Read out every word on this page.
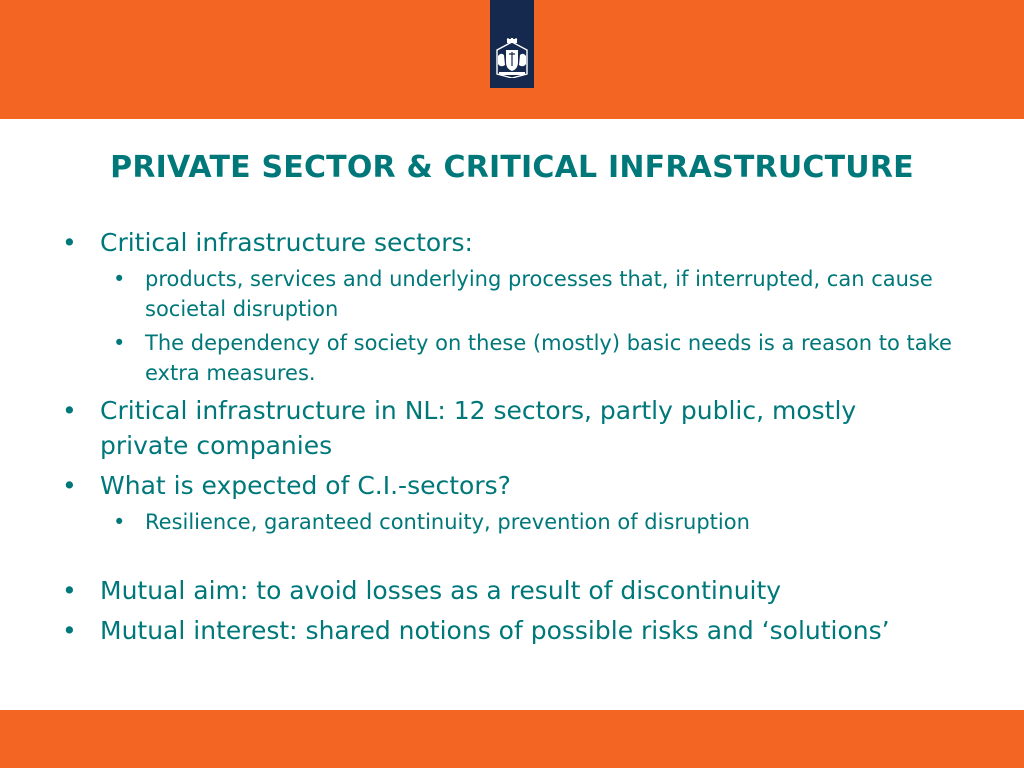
PRIVATE SECTOR & CRITICAL INFRASTRUCTURE
• Critical infrastructure sectors:
• products, services and underlying processes that, if interrupted, can cause societal disruption
• The dependency of society on these (mostly) basic needs is a reason to take extra measures.
• Critical infrastructure in NL: 12 sectors, partly public, mostly private companies
• What is expected of C.I.-sectors?
• Resilience, garanteed continuity, prevention of disruption
• Mutual aim: to avoid losses as a result of discontinuity
• Mutual interest: shared notions of possible risks and ‘solutions’
